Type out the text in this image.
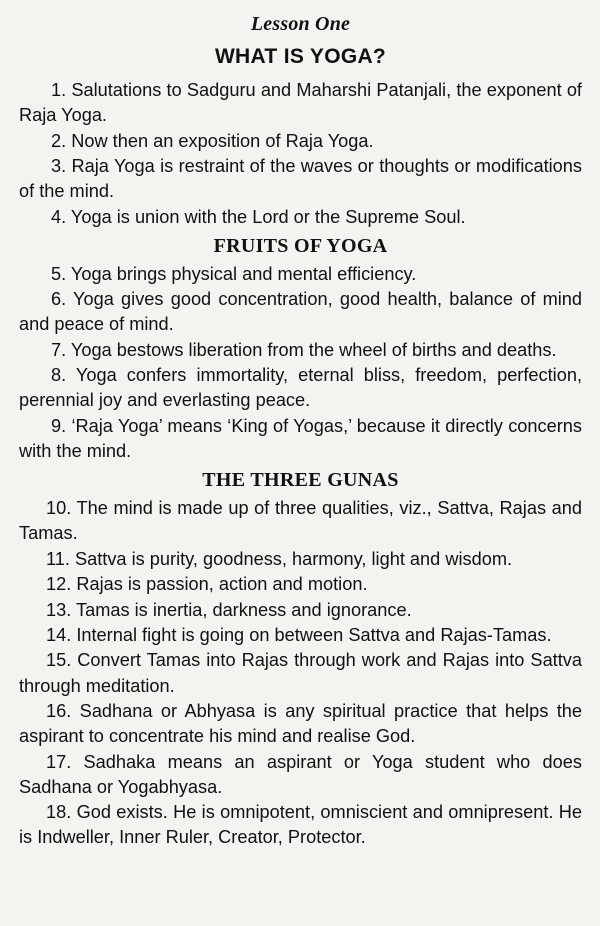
Lesson One
WHAT IS YOGA?

1. Salutations to Sadguru and Maharshi Patanjali, the exponent of Raja Yoga.

2. Now then an exposition of Raja Yoga.

3. Raja Yoga is restraint of the waves or thoughts or modifications of the mind.

4. Yoga is union with the Lord or the Supreme Soul.

FRUITS OF YOGA

5. Yoga brings physical and mental efficiency.

6. Yoga gives good concentration, good health, balance of mind and peace of mind.

7. Yoga bestows liberation from the wheel of births and deaths.

8. Yoga confers immortality, eternal bliss, freedom, perfection, perennial joy and everlasting peace.

9. ‘Raja Yoga’ means ‘King of Yogas,’ because it directly concerns with the mind.

THE THREE GUNAS

10. The mind is made up of three qualities, viz., Sattva, Rajas and Tamas.

11. Sattva is purity, goodness, harmony, light and wisdom.

12. Rajas is passion, action and motion.

13. Tamas is inertia, darkness and ignorance.

14. Internal fight is going on between Sattva and Rajas-Tamas.

15. Convert Tamas into Rajas through work and Rajas into Sattva through meditation.

16. Sadhana or Abhyasa is any spiritual practice that helps the aspirant to concentrate his mind and realise God.

17. Sadhaka means an aspirant or Yoga student who does Sadhana or Yogabhyasa.

18. God exists. He is omnipotent, omniscient and omnipresent. He is Indweller, Inner Ruler, Creator, Protector.
